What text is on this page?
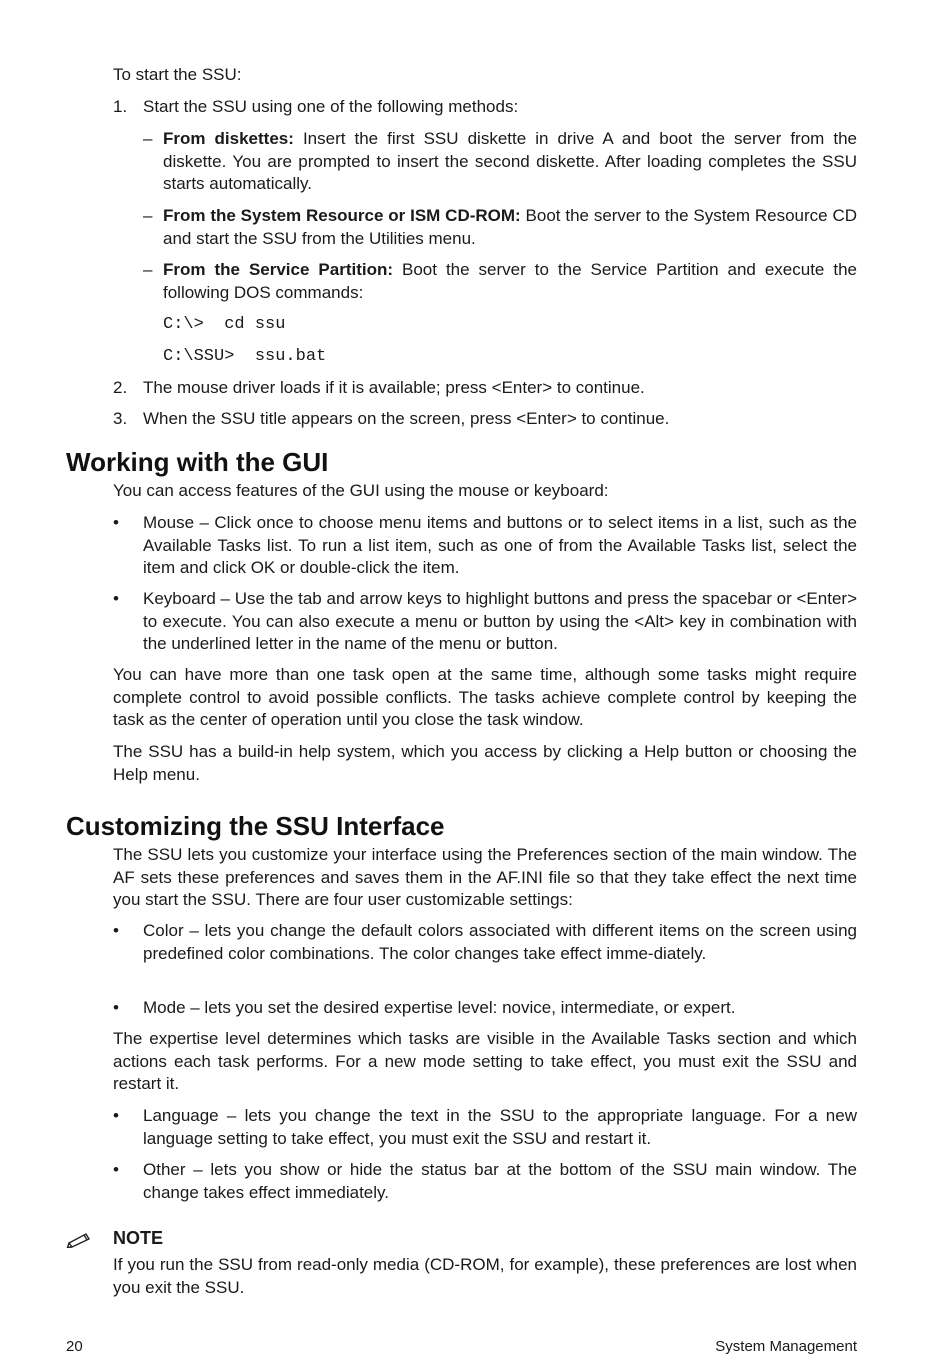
To start the SSU:

1. Start the SSU using one of the following methods:
– From diskettes: Insert the first SSU diskette in drive A and boot the server from the diskette. You are prompted to insert the second diskette. After loading completes the SSU starts automatically.
– From the System Resource or ISM CD-ROM: Boot the server to the System Resource CD and start the SSU from the Utilities menu.
– From the Service Partition: Boot the server to the Service Partition and execute the following DOS commands:
C:\>  cd ssu
C:\SSU>  ssu.bat
2. The mouse driver loads if it is available; press <Enter> to continue.
3. When the SSU title appears on the screen, press <Enter> to continue.
Working with the GUI

You can access features of the GUI using the mouse or keyboard:

• Mouse – Click once to choose menu items and buttons or to select items in a list, such as the Available Tasks list. To run a list item, such as one of from the Available Tasks list, select the item and click OK or double-click the item.
• Keyboard – Use the tab and arrow keys to highlight buttons and press the spacebar or <Enter> to execute. You can also execute a menu or button by using the <Alt> key in combination with the underlined letter in the name of the menu or button.

You can have more than one task open at the same time, although some tasks might require complete control to avoid possible conflicts. The tasks achieve complete control by keeping the task as the center of operation until you close the task window.

The SSU has a build-in help system, which you access by clicking a Help button or choosing the Help menu.

Customizing the SSU Interface

The SSU lets you customize your interface using the Preferences section of the main window. The AF sets these preferences and saves them in the AF.INI file so that they take effect the next time you start the SSU. There are four user customizable settings:

• Color – lets you change the default colors associated with different items on the screen using predefined color combinations. The color changes take effect imme-diately.
• Mode – lets you set the desired expertise level: novice, intermediate, or expert.

The expertise level determines which tasks are visible in the Available Tasks section and which actions each task performs. For a new mode setting to take effect, you must exit the SSU and restart it.

• Language – lets you change the text in the SSU to the appropriate language. For a new language setting to take effect, you must exit the SSU and restart it.
• Other – lets you show or hide the status bar at the bottom of the SSU main window. The change takes effect immediately.
NOTE

If you run the SSU from read-only media (CD-ROM, for example), these preferences are lost when you exit the SSU.

20	System Management
